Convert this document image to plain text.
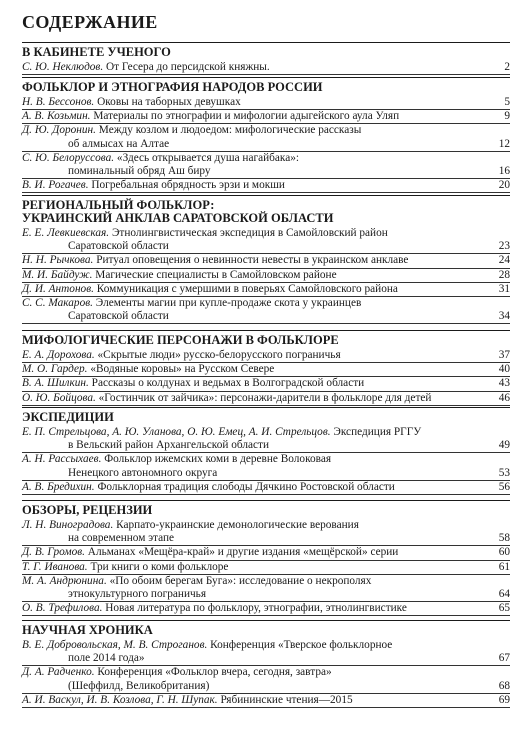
СОДЕРЖАНИЕ
В КАБИНЕТЕ УЧЕНОГО
С. Ю. Неклюдов. От Гесера до персидской княжны.	2
ФОЛЬКЛОР И ЭТНОГРАФИЯ НАРОДОВ РОССИИ
Н. В. Бессонов. Оковы на таборных девушках	5
А. В. Козьмин. Материалы по этнографии и мифологии адыгейского аула Уляп	9
Д. Ю. Доронин. Между козлом и людоедом: мифологические рассказы
об алмысах на Алтае	12
С. Ю. Белорусcова. «Здесь открывается душа нагайбака»:
поминальный обряд Аш биру	16
В. И. Рогачев. Погребальная обрядность эрзи и мокши	20
РЕГИОНАЛЬНЫЙ ФОЛЬКЛОР:
УКРАИНСКИЙ АНКЛАВ САРАТОВСКОЙ ОБЛАСТИ
Е. Е. Левкиевская. Этнолингвистическая экспедиция в Самойловский район
Саратовской области	23
Н. Н. Рычкова. Ритуал оповещения о невинности невесты в украинском анклаве	24
М. И. Байдуж. Магические специалисты в Самойловском районе	28
Д. И. Антонов. Коммуникация с умершими в поверьях Самойловского района	31
С. С. Макаров. Элементы магии при купле-продаже скота у украинцев
Саратовской области	34
МИФОЛОГИЧЕСКИЕ ПЕРСОНАЖИ В ФОЛЬКЛОРЕ
Е. А. Дорохова. «Скрытые люди» русско-белорусского пограничья	37
М. О. Гардер. «Водяные коровы» на Русском Севере	40
В. А. Шилкин. Рассказы о колдунах и ведьмах в Волгоградской области	43
О. Ю. Бойцова. «Гостинчик от зайчика»: персонажи-дарители в фольклоре для детей	46
ЭКСПЕДИЦИИ
Е. П. Стрельцова, А. Ю. Уланова, О. Ю. Емец, А. И. Стрельцов. Экспедиция РГГУ
в Вельский район Архангельской области	49
А. Н. Рассыхаев. Фольклор ижемских коми в деревне Волоковая
Ненецкого автономного округа	53
А. В. Бредихин. Фольклорная традиция слободы Дячкино Ростовской области	56
ОБЗОРЫ, РЕЦЕНЗИИ
Л. Н. Виноградова. Карпато-украинские демонологические верования
на современном этапе	58
Д. В. Громов. Альманах «Мещёра-край» и другие издания «мещёрской» серии	60
Т. Г. Иванова. Три книги о коми фольклоре	61
М. А. Андрюнина. «По обоим берегам Буга»: исследование о некрополях
этнокультурного пограничья	64
О. В. Трефилова. Новая литература по фольклору, этнографии, этнолингвистике	65
НАУЧНАЯ ХРОНИКА
В. Е. Добровольская, М. В. Строганов. Конференция «Тверское фольклорное
поле 2014 года»	67
Д. А. Радченко. Конференция «Фольклор вчера, сегодня, завтра»
(Шеффилд, Великобритания)	68
А. И. Васкул, И. В. Козлова, Г. Н. Шупак. Рябининские чтения—2015	69
